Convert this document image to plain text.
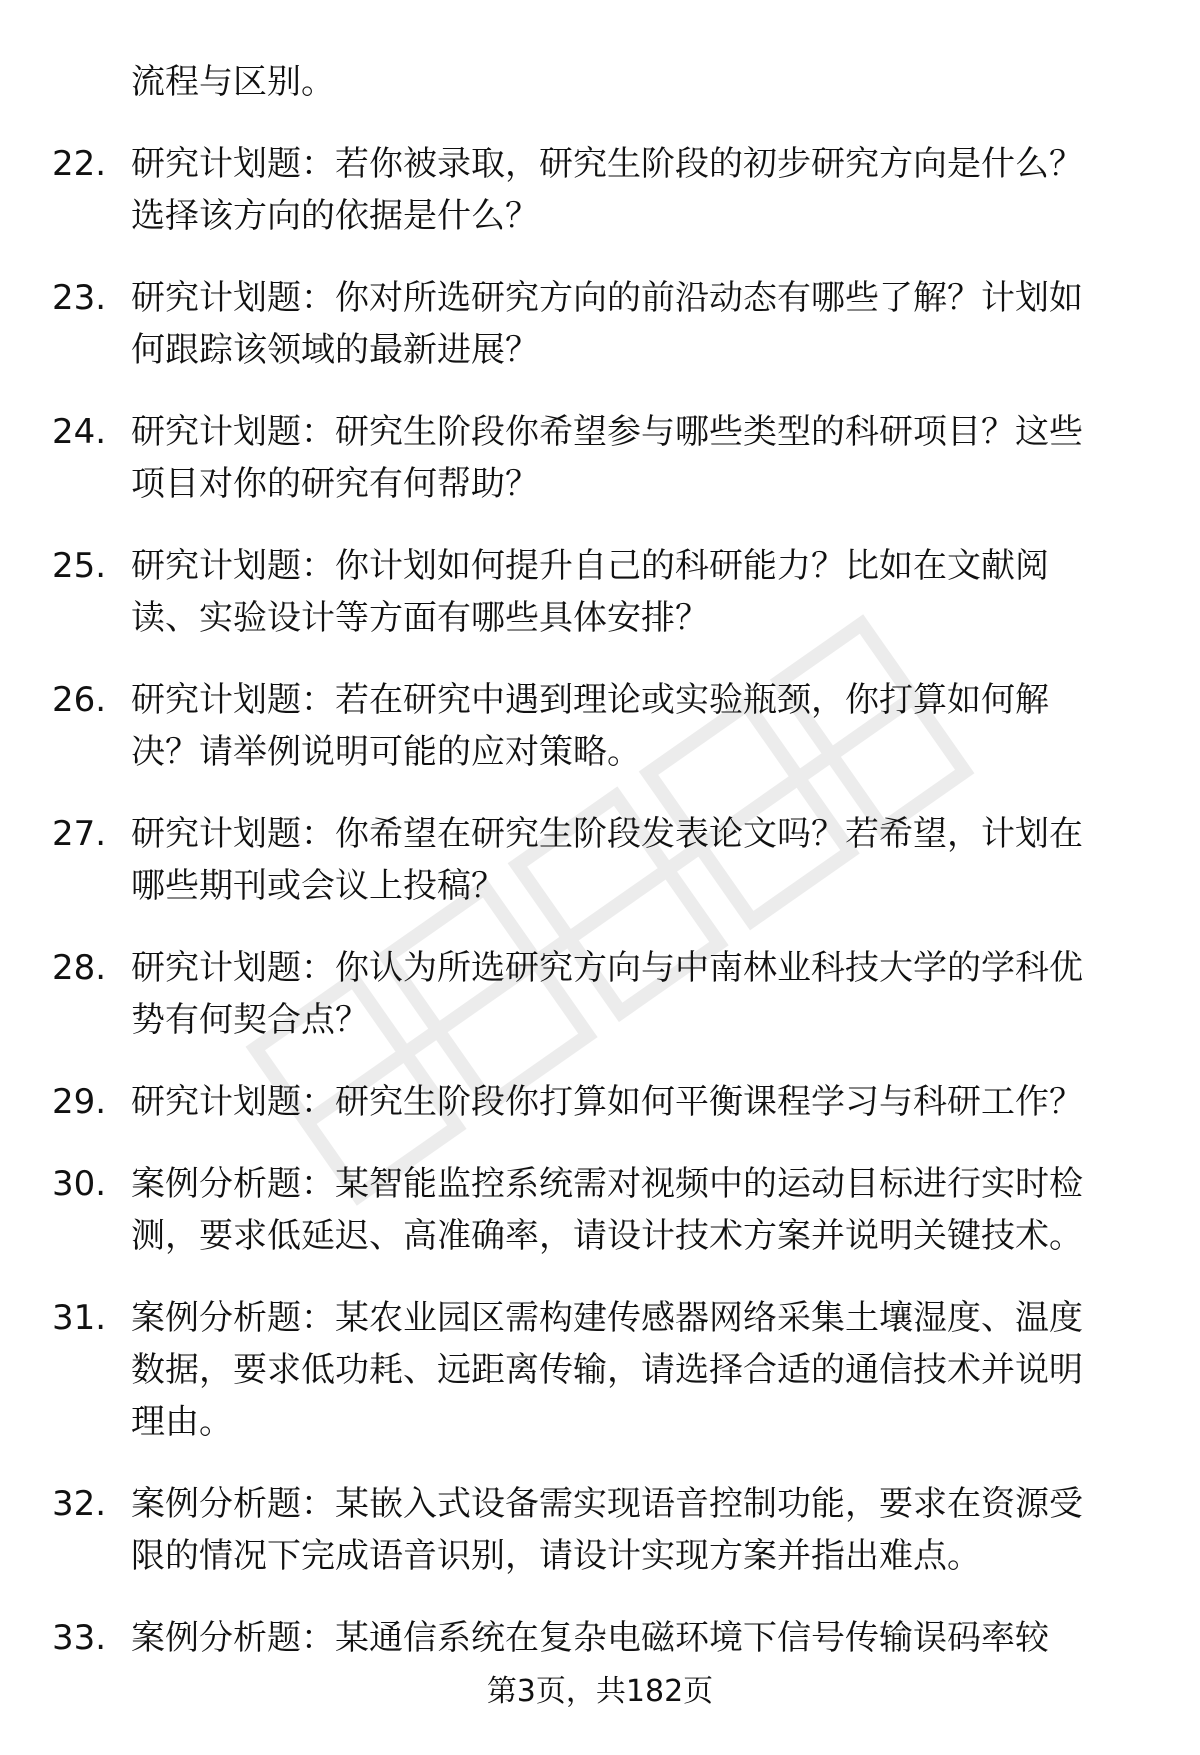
流程与区别。
22. 研究计划题：若你被录取，研究生阶段的初步研究方向是什么？
选择该方向的依据是什么？
23. 研究计划题：你对所选研究方向的前沿动态有哪些了解？计划如
何跟踪该领域的最新进展？
24. 研究计划题：研究生阶段你希望参与哪些类型的科研项目？这些
项目对你的研究有何帮助？
25. 研究计划题：你计划如何提升自己的科研能力？比如在文献阅
读、实验设计等方面有哪些具体安排？
26. 研究计划题：若在研究中遇到理论或实验瓶颈，你打算如何解
决？请举例说明可能的应对策略。
27. 研究计划题：你希望在研究生阶段发表论文吗？若希望，计划在
哪些期刊或会议上投稿？
28. 研究计划题：你认为所选研究方向与中南林业科技大学的学科优
势有何契合点？
29. 研究计划题：研究生阶段你打算如何平衡课程学习与科研工作？
30. 案例分析题：某智能监控系统需对视频中的运动目标进行实时检
测，要求低延迟、高准确率，请设计技术方案并说明关键技术。
31. 案例分析题：某农业园区需构建传感器网络采集土壤湿度、温度
数据，要求低功耗、远距离传输，请选择合适的通信技术并说明
理由。
32. 案例分析题：某嵌入式设备需实现语音控制功能，要求在资源受
限的情况下完成语音识别，请设计实现方案并指出难点。
33. 案例分析题：某通信系统在复杂电磁环境下信号传输误码率较
第3页，共182页
